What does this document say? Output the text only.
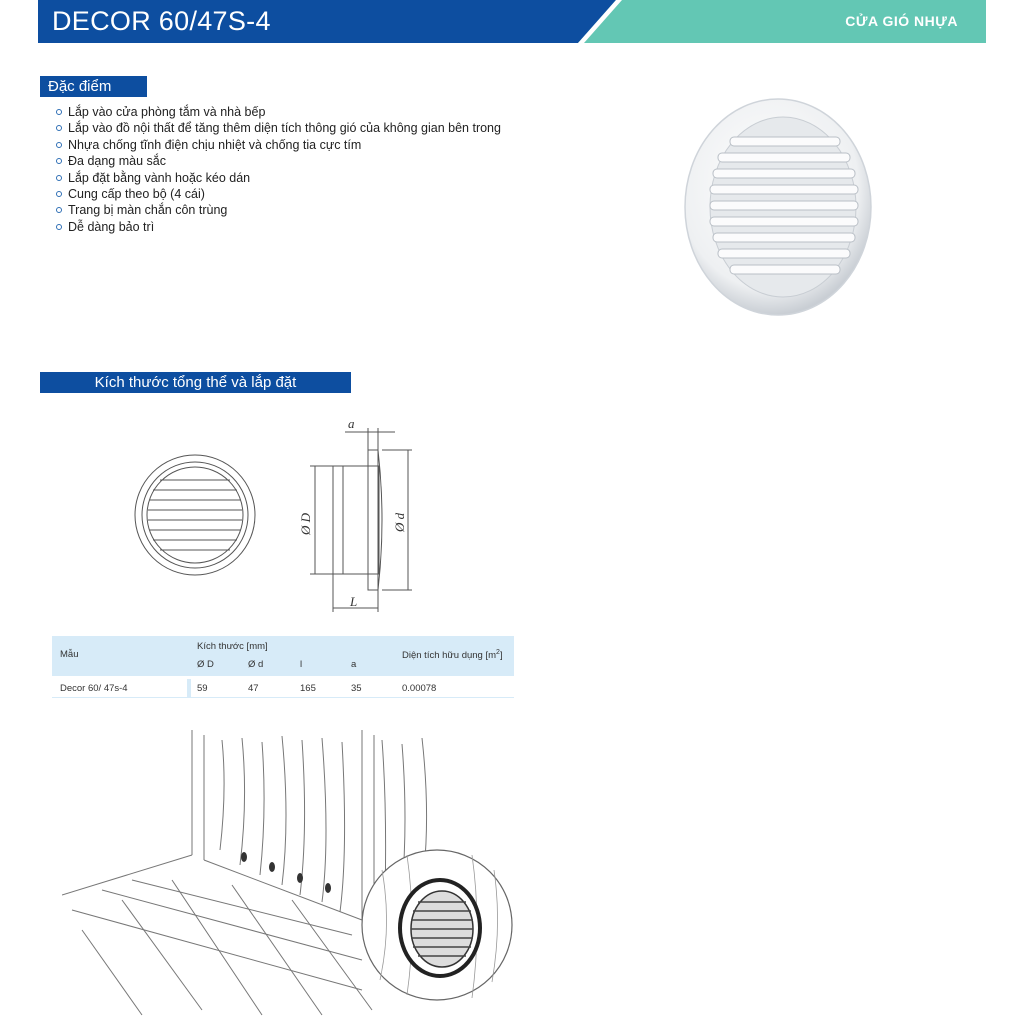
DECOR 60/47S-4	CỬA GIÓ NHỰA
Đặc điểm
Lắp vào cửa phòng tắm và nhà bếp
Lắp vào đồ nội thất để tăng thêm diện tích thông gió của không gian bên trong
Nhựa chống tĩnh điện chịu nhiệt và chống tia cực tím
Đa dạng màu sắc
Lắp đặt bằng vành hoặc kéo dán
Cung cấp theo bộ (4 cái)
Trang bị màn chắn côn trùng
Dễ dàng bảo trì
Kích thước tổng thể và lắp đặt
a
Ø D	Ø d
L
Mẫu
Kích thước [mm]
Ø D	Ø d	l	a
Diện tích hữu dụng $[m^2]$
Decor 60/ 47s-4	59	47	165	35	0.00078
